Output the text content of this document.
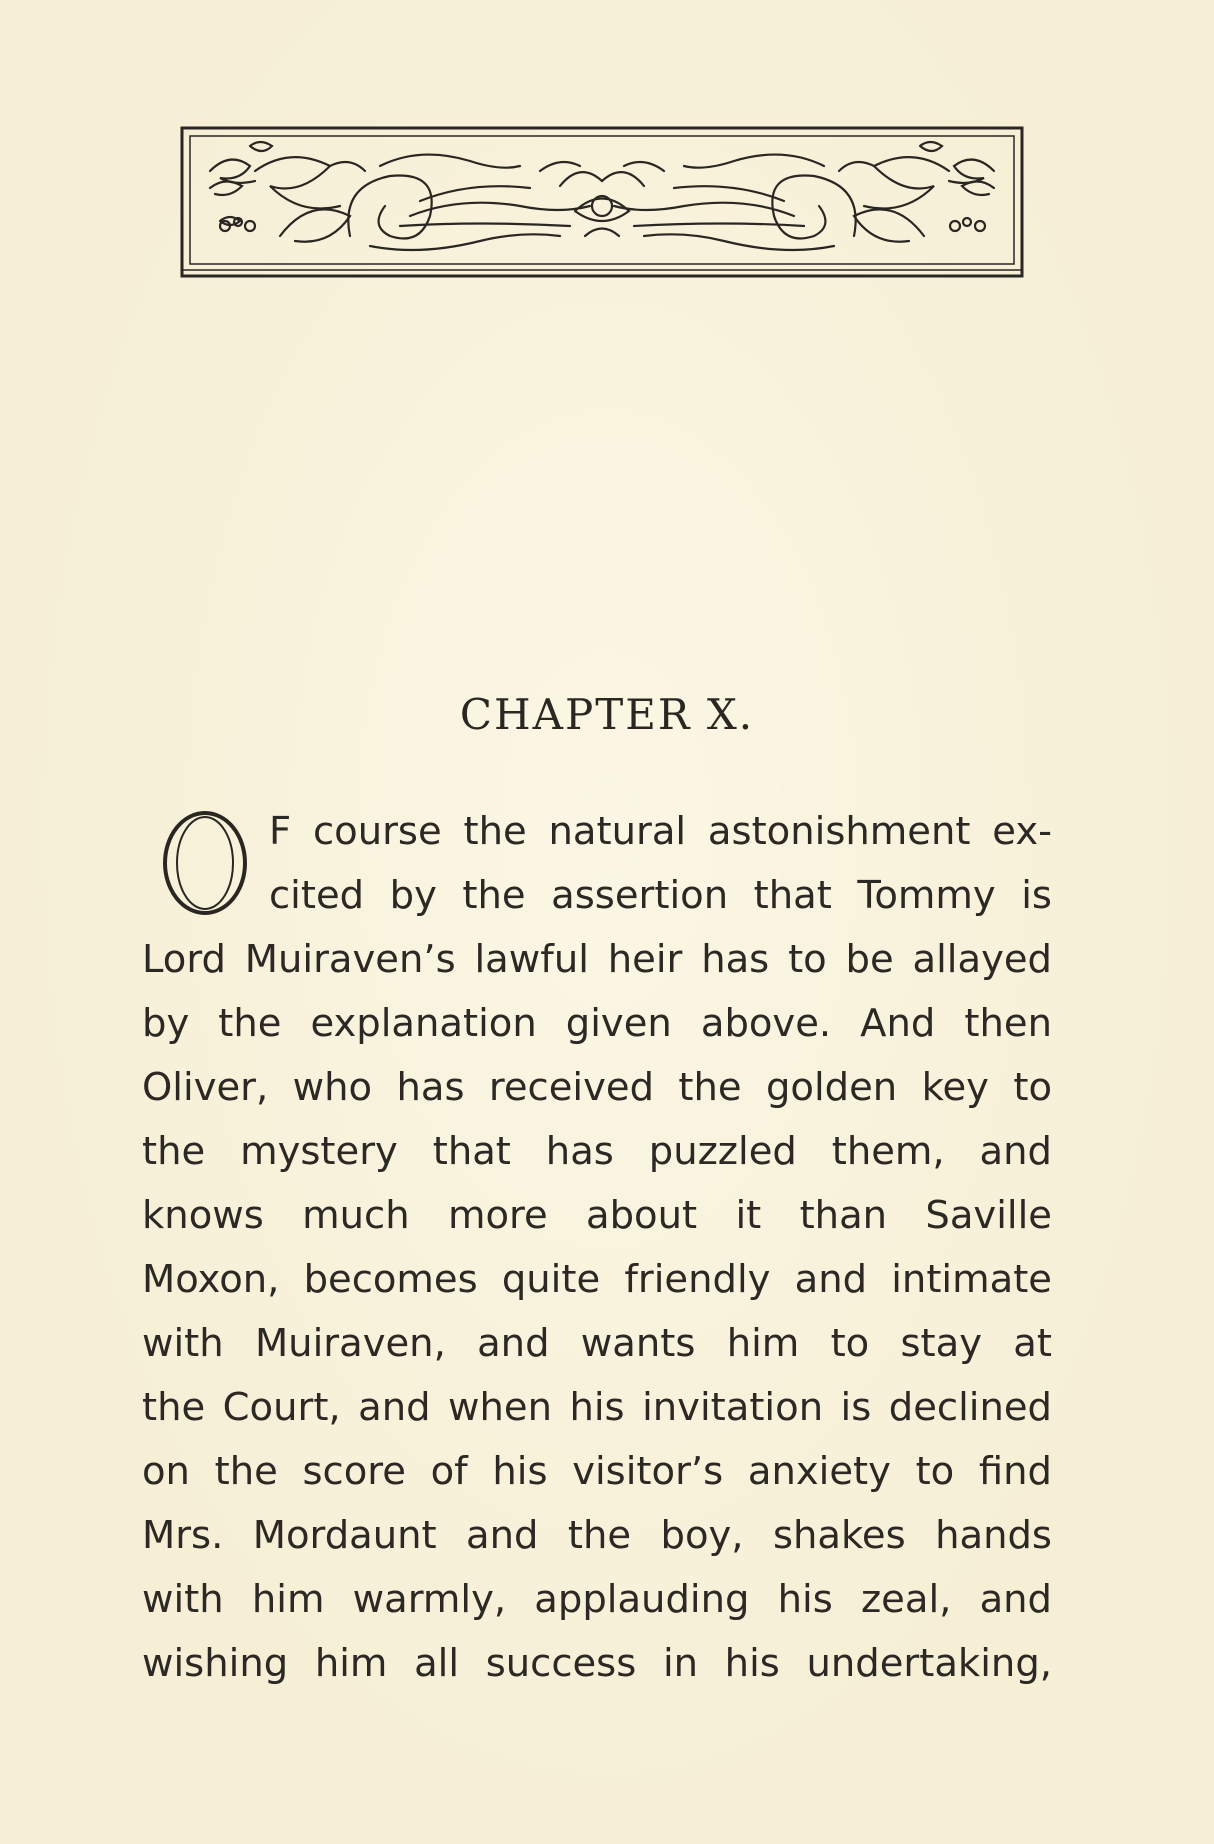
CHAPTER X.
F course the natural astonishment ex-
cited by the assertion that Tommy is
Lord Muiraven’s lawful heir has to be allayed
by the explanation given above. And then
Oliver, who has received the golden key to
the mystery that has puzzled them, and
knows much more about it than Saville
Moxon, becomes quite friendly and intimate
with Muiraven, and wants him to stay at
the Court, and when his invitation is declined
on the score of his visitor’s anxiety to find
Mrs. Mordaunt and the boy, shakes hands
with him warmly, applauding his zeal, and
wishing him all success in his undertaking,
